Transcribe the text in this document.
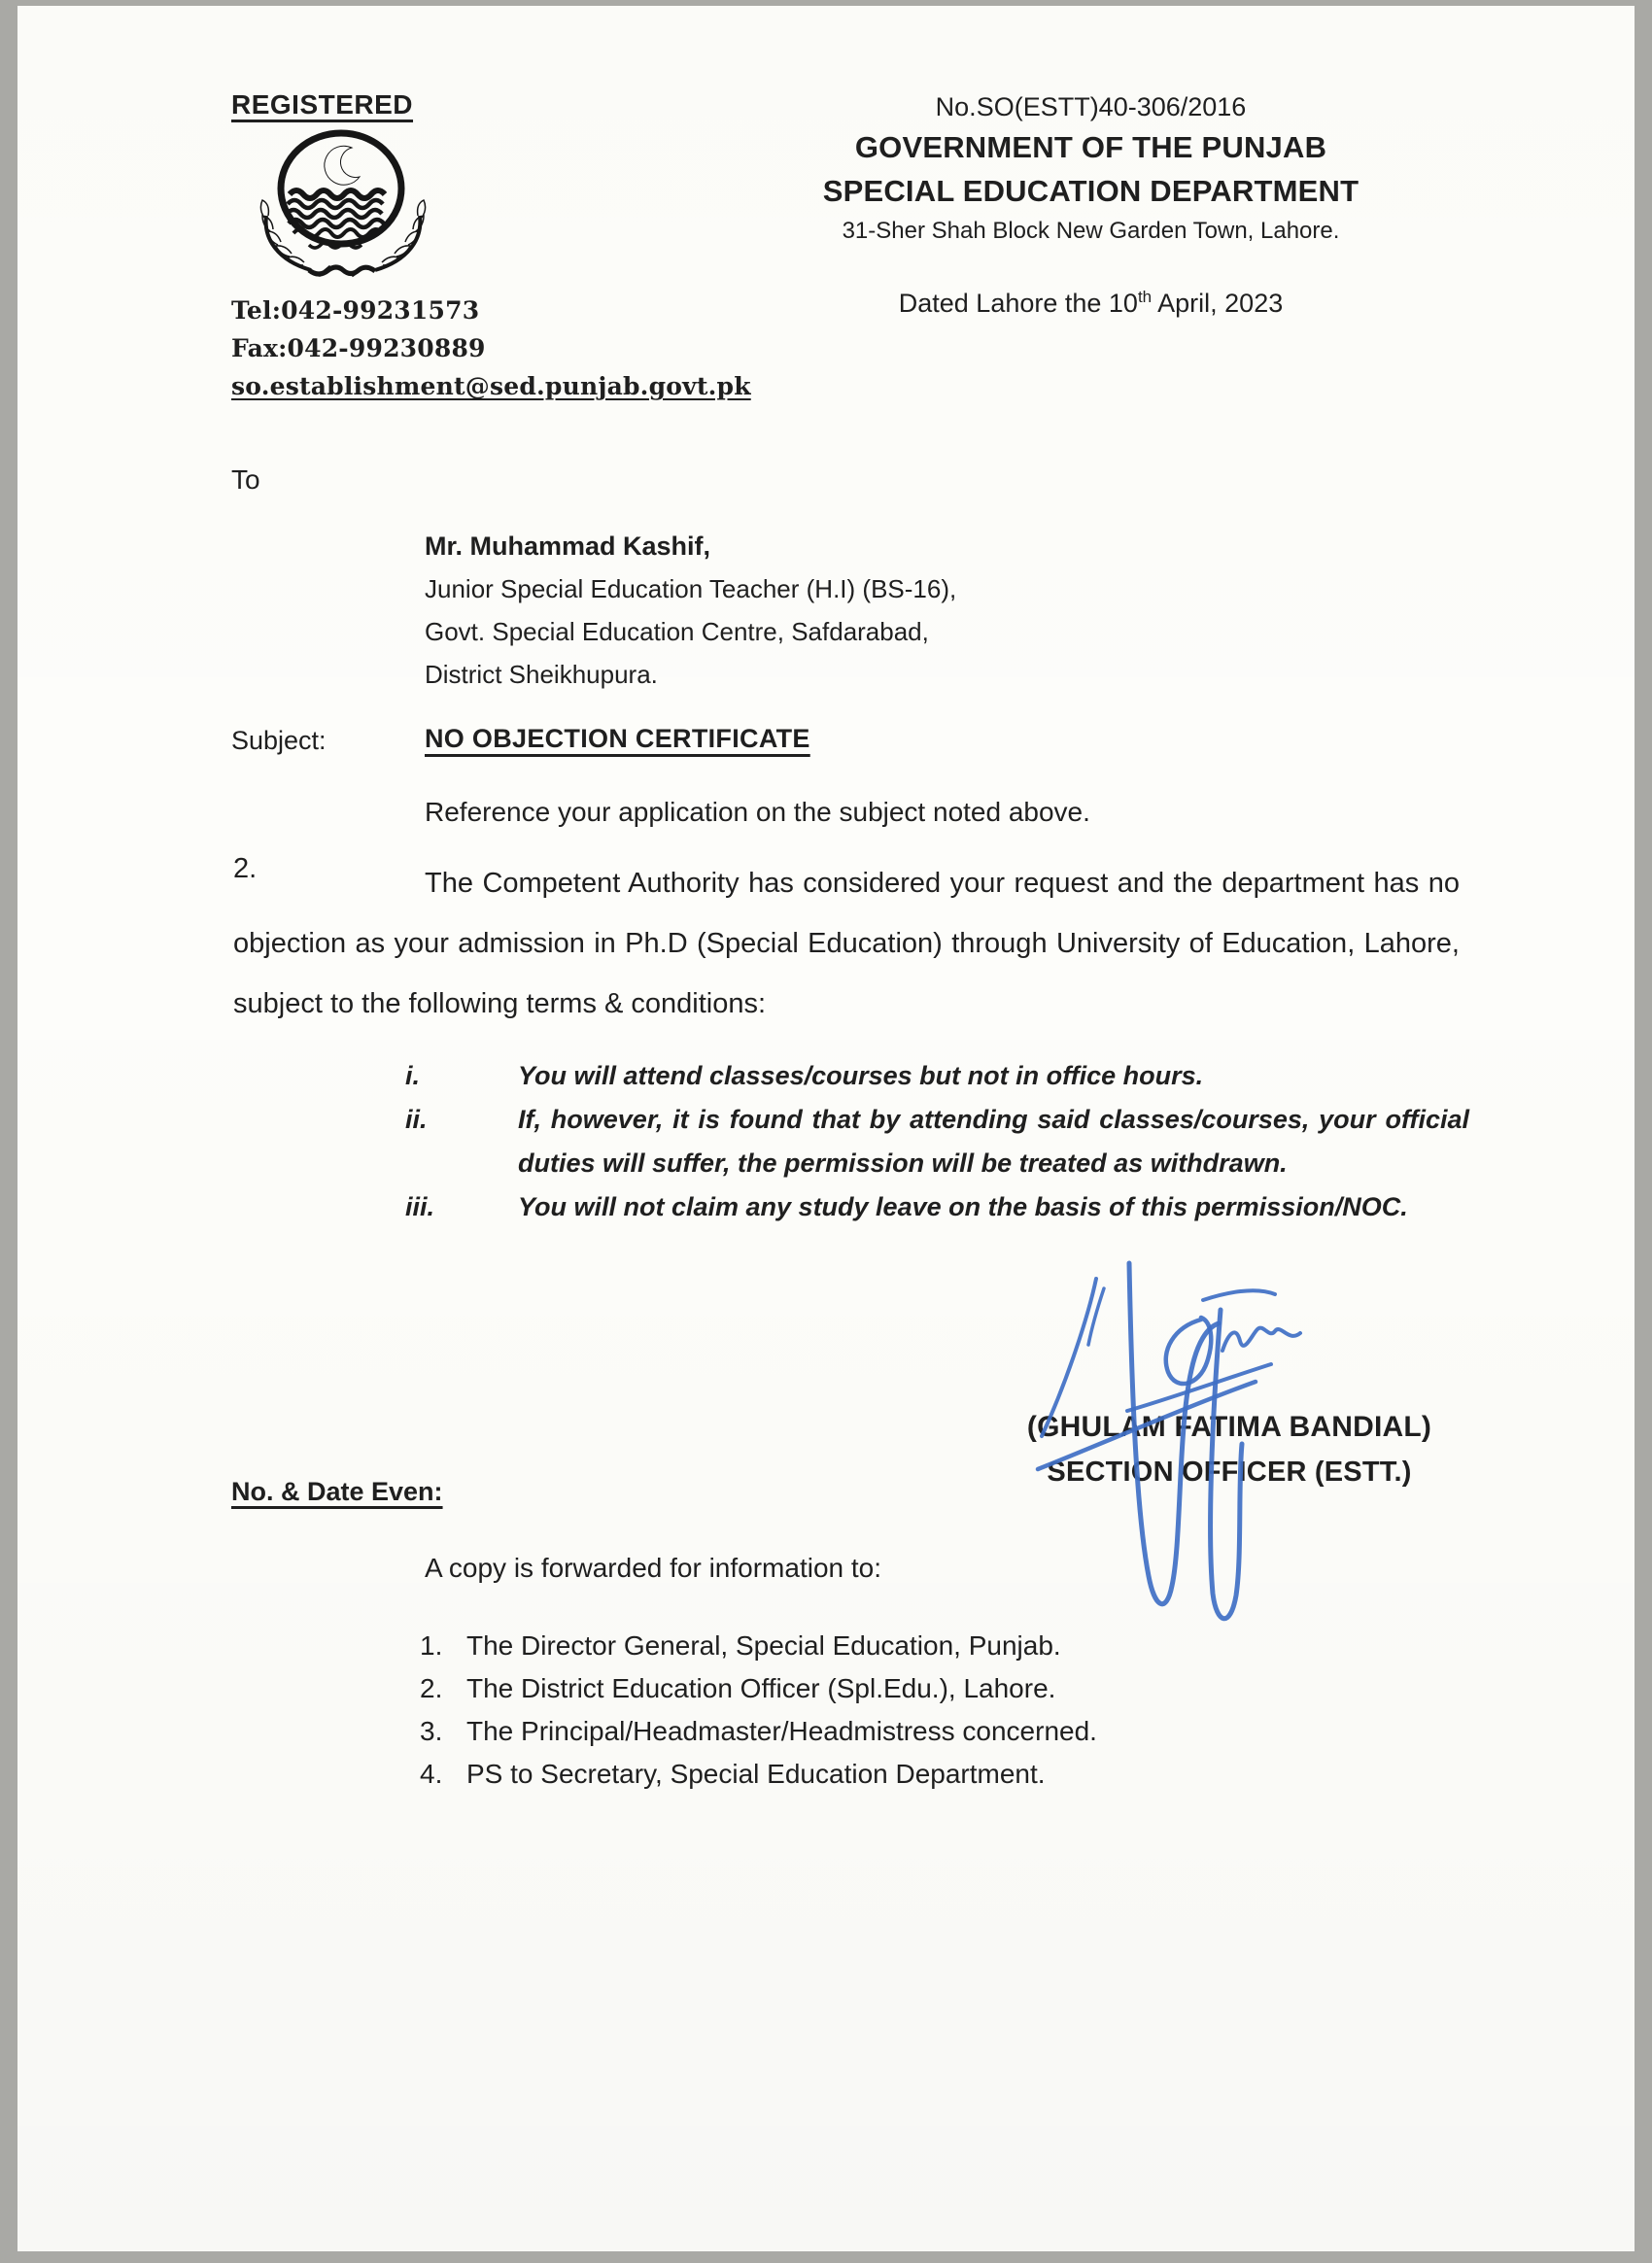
REGISTERED
Tel:042-99231573
Fax:042-99230889
so.establishment@sed.punjab.govt.pk
No.SO(ESTT)40-306/2016
GOVERNMENT OF THE PUNJAB
SPECIAL EDUCATION DEPARTMENT
31-Sher Shah Block New Garden Town, Lahore.
Dated Lahore the 10th April, 2023
To
Mr. Muhammad Kashif,
Junior Special Education Teacher (H.I) (BS-16),
Govt. Special Education Centre, Safdarabad,
District Sheikhupura.
Subject:	NO OBJECTION CERTIFICATE
Reference your application on the subject noted above.
2.	The Competent Authority has considered your request and the department has no objection as your admission in Ph.D (Special Education) through University of Education, Lahore, subject to the following terms & conditions:
i.	You will attend classes/courses but not in office hours.
ii.	If, however, it is found that by attending said classes/courses, your official duties will suffer, the permission will be treated as withdrawn.
iii.	You will not claim any study leave on the basis of this permission/NOC.
(GHULAM FATIMA BANDIAL)
SECTION OFFICER (ESTT.)
No. & Date Even:
A copy is forwarded for information to:
1. The Director General, Special Education, Punjab.
2. The District Education Officer (Spl.Edu.), Lahore.
3. The Principal/Headmaster/Headmistress concerned.
4. PS to Secretary, Special Education Department.
